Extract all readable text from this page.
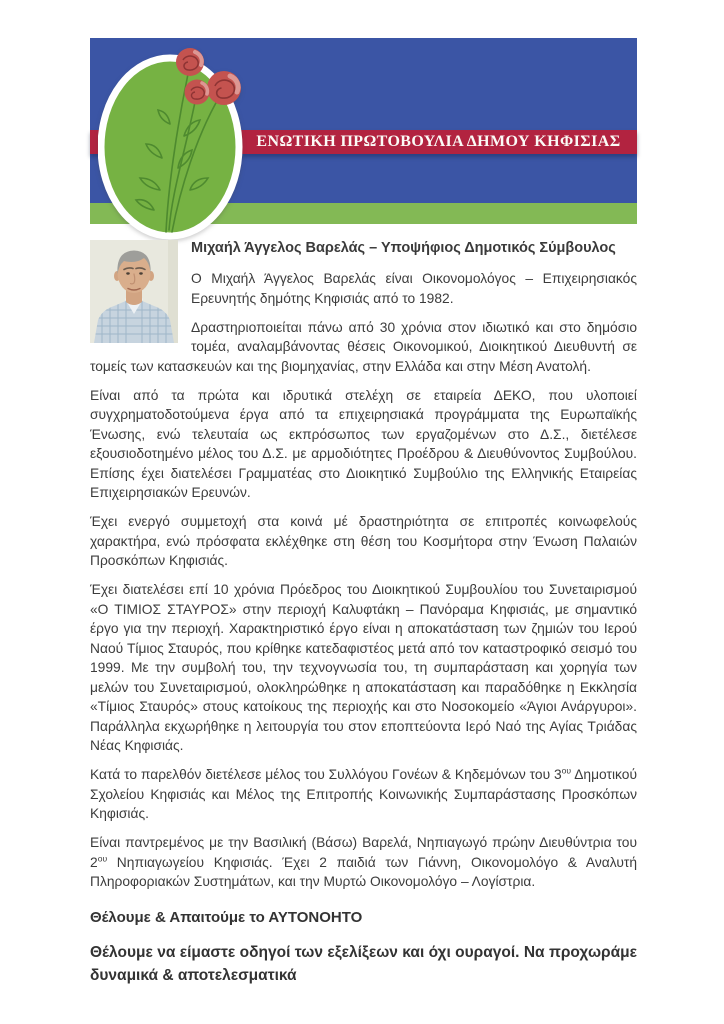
ΕΝΩΤΙΚΗ ΠΡΩΤΟΒΟΥΛΙΑ ΔΗΜΟΥ ΚΗΦΙΣΙΑΣ
Μιχαήλ Άγγελος Βαρελάς – Υποψήφιος Δημοτικός Σύμβουλος

Ο Μιχαήλ Άγγελος Βαρελάς είναι Οικονομολόγος – Επιχειρησιακός Ερευνητής δημότης Κηφισιάς από το 1982.

Δραστηριοποιείται πάνω από 30 χρόνια στον ιδιωτικό και στο δημόσιο τομέα, αναλαμβάνοντας θέσεις Οικονομικού, Διοικητικού Διευθυντή σε τομείς των κατασκευών και της βιομηχανίας, στην Ελλάδα και στην Μέση Ανατολή.

Είναι από τα πρώτα και ιδρυτικά στελέχη σε εταιρεία ΔΕΚΟ, που υλοποιεί συγχρηματοδοτούμενα έργα από τα επιχειρησιακά προγράμματα της Ευρωπαϊκής Ένωσης, ενώ τελευταία ως εκπρόσωπος των εργαζομένων στο Δ.Σ., διετέλεσε εξουσιοδοτημένο μέλος του Δ.Σ. με αρμοδιότητες Προέδρου & Διευθύνοντος Συμβούλου. Επίσης έχει διατελέσει Γραμματέας στο Διοικητικό Συμβούλιο της Ελληνικής Εταιρείας Επιχειρησιακών Ερευνών.

Έχει ενεργό συμμετοχή στα κοινά μέ δραστηριότητα σε επιτροπές κοινωφελούς χαρακτήρα, ενώ πρόσφατα εκλέχθηκε στη θέση του Κοσμήτορα στην Ένωση Παλαιών Προσκόπων Κηφισιάς.

Έχει διατελέσει επί 10 χρόνια Πρόεδρος του Διοικητικού Συμβουλίου του Συνεταιρισμού «Ο ΤΙΜΙΟΣ ΣΤΑΥΡΟΣ» στην περιοχή Καλυφτάκη – Πανόραμα Κηφισιάς, με σημαντικό έργο για την περιοχή. Χαρακτηριστικό έργο είναι η αποκατάσταση των ζημιών του Ιερού Ναού Τίμιος Σταυρός, που κρίθηκε κατεδαφιστέος μετά από τον καταστροφικό σεισμό του 1999. Με την συμβολή του, την τεχνογνωσία του, τη συμπαράσταση και χορηγία των μελών του Συνεταιρισμού, ολοκληρώθηκε η αποκατάσταση και παραδόθηκε η Εκκλησία «Τίμιος Σταυρός» στους κατοίκους της περιοχής και στο Νοσοκομείο «Άγιοι Ανάργυροι». Παράλληλα εκχωρήθηκε η λειτουργία του στον εποπτεύοντα Ιερό Ναό της Αγίας Τριάδας Νέας Κηφισιάς.

Κατά το παρελθόν διετέλεσε μέλος του Συλλόγου Γονέων & Κηδεμόνων του $3^{o\upsilon}$ Δημοτικού Σχολείου Κηφισιάς και Μέλος της Επιτροπής Κοινωνικής Συμπαράστασης Προσκόπων Κηφισιάς.

Είναι παντρεμένος με την Βασιλική (Βάσω) Βαρελά, Νηπιαγωγό πρώην Διευθύντρια του $2^{o\upsilon}$ Νηπιαγωγείου Κηφισιάς. Έχει 2 παιδιά των Γιάννη, Οικονομολόγο & Αναλυτή Πληροφοριακών Συστημάτων, και την Μυρτώ Οικονομολόγο – Λογίστρια.

Θέλουμε & Απαιτούμε το ΑΥΤΟΝΟΗΤΟ
Θέλουμε να είμαστε οδηγοί των εξελίξεων και όχι ουραγοί. Να προχωράμε δυναμικά & αποτελεσματικά
